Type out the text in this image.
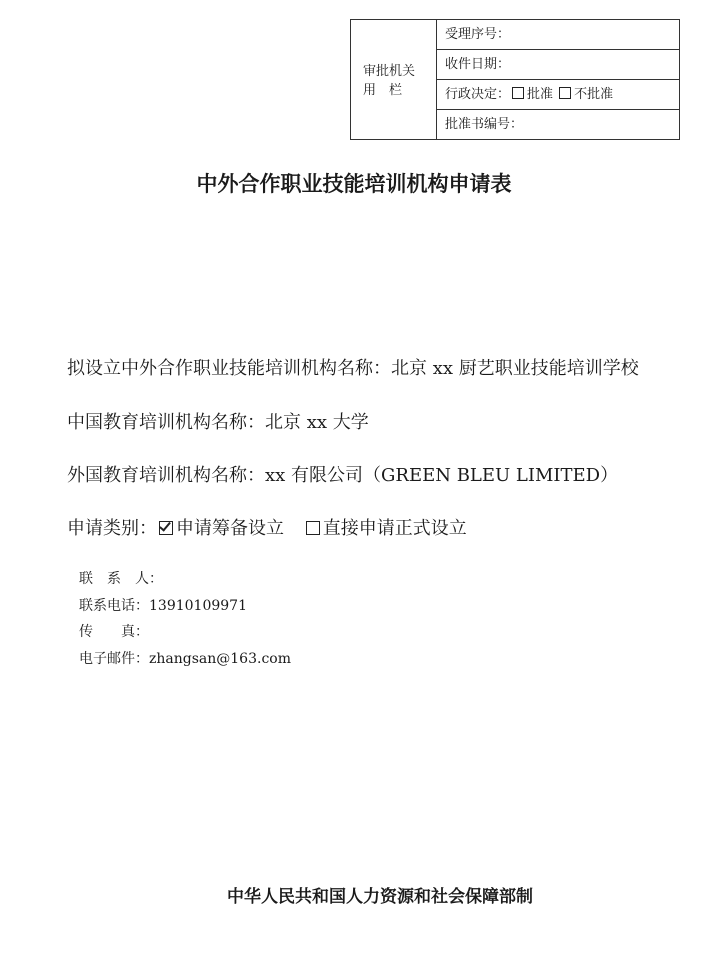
审批机关
用　栏
受理序号：
收件日期：
行政决定： 批准 不批准
批准书编号：
中外合作职业技能培训机构申请表
拟设立中外合作职业技能培训机构名称：北京 xx 厨艺职业技能培训学校
中国教育培训机构名称：北京 xx 大学
外国教育培训机构名称：xx 有限公司（GREEN BLEU LIMITED）
申请类别： 申请筹备设立 直接申请正式设立
联　系　人：
联系电话：13910109971
传　　真：
电子邮件：zhangsan@163.com
中华人民共和国人力资源和社会保障部制
